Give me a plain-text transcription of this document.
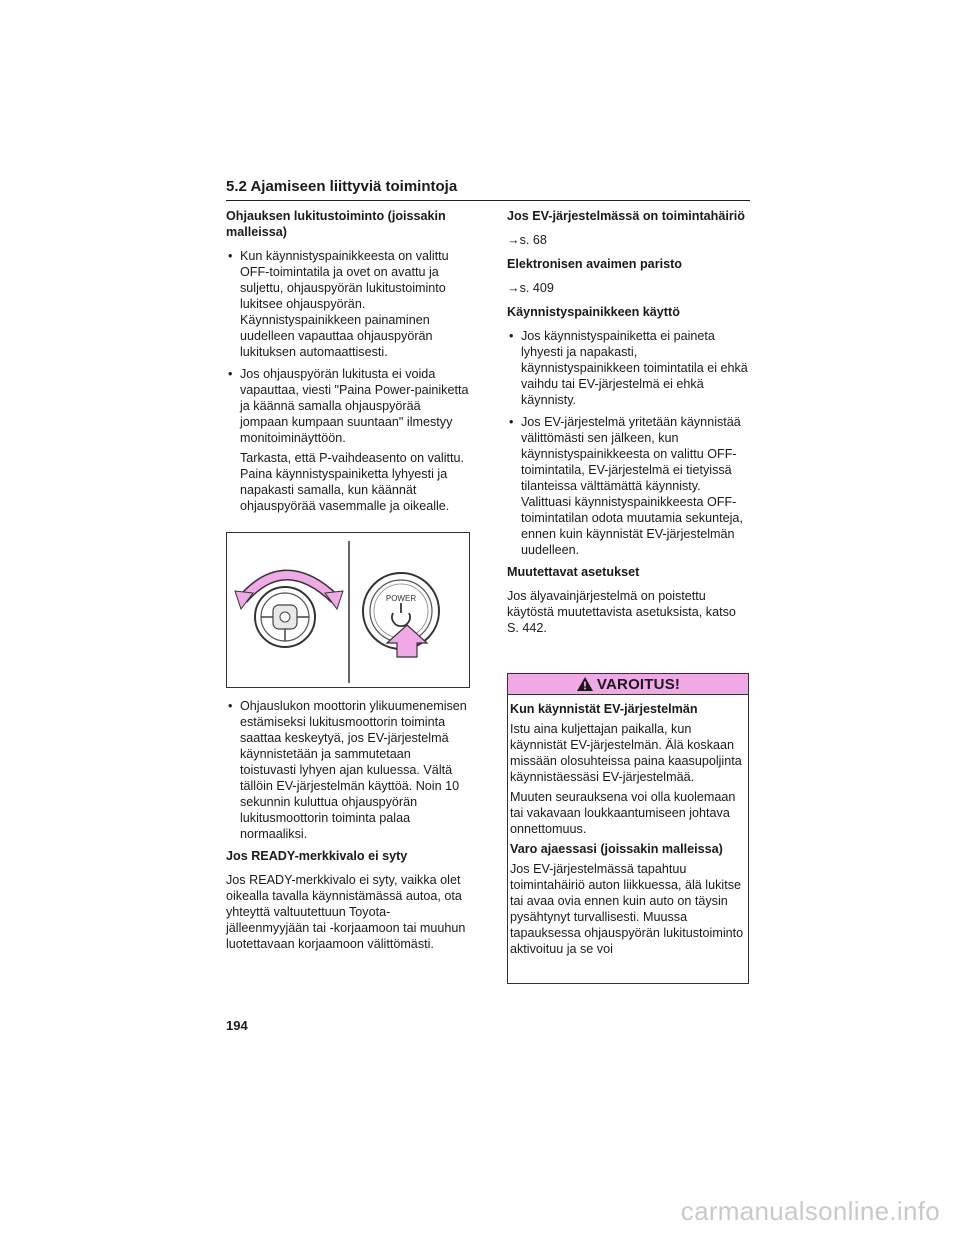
5.2 Ajamiseen liittyviä toimintoja
Ohjauksen lukitustoiminto (joissakin malleissa)
• Kun käynnistyspainikkeesta on valittu OFF-toimintatila ja ovet on avattu ja suljettu, ohjauspyörän lukitustoiminto lukitsee ohjauspyörän. Käynnistyspainikkeen painaminen uudelleen vapauttaa ohjauspyörän lukituksen automaattisesti.
• Jos ohjauspyörän lukitusta ei voida vapauttaa, viesti "Paina Power-painiketta ja käännä samalla ohjauspyörää jompaan kumpaan suuntaan" ilmestyy monitoiminäyttöön.
Tarkasta, että P-vaihdeasento on valittu. Paina käynnistyspainiketta lyhyesti ja napakasti samalla, kun käännät ohjauspyörää vasemmalle ja oikealle.
POWER
• Ohjauslukon moottorin ylikuumenemisen estämiseksi lukitusmoottorin toiminta saattaa keskeytyä, jos EV-järjestelmä käynnistetään ja sammutetaan toistuvasti lyhyen ajan kuluessa. Vältä tällöin EV-järjestelmän käyttöä. Noin 10 sekunnin kuluttua ohjauspyörän lukitusmoottorin toiminta palaa normaaliksi.
Jos READY-merkkivalo ei syty
Jos READY-merkkivalo ei syty, vaikka olet oikealla tavalla käynnistämässä autoa, ota yhteyttä valtuutettuun Toyota-jälleenmyyjään tai -korjaamoon tai muuhun luotettavaan korjaamoon välittömästi.
Jos EV-järjestelmässä on toimintahäiriö
→s. 68
Elektronisen avaimen paristo
→s. 409
Käynnistyspainikkeen käyttö
• Jos käynnistyspainiketta ei paineta lyhyesti ja napakasti, käynnistyspainikkeen toimintatila ei ehkä vaihdu tai EV-järjestelmä ei ehkä käynnisty.
• Jos EV-järjestelmä yritetään käynnistää välittömästi sen jälkeen, kun käynnistyspainikkeesta on valittu OFF-toimintatila, EV-järjestelmä ei tietyissä tilanteissa välttämättä käynnisty. Valittuasi käynnistyspainikkeesta OFF-toimintatilan odota muutamia sekunteja, ennen kuin käynnistät EV-järjestelmän uudelleen.
Muutettavat asetukset
Jos älyavainjärjestelmä on poistettu käytöstä muutettavista asetuksista, katso S. 442.
VAROITUS!
Kun käynnistät EV-järjestelmän
Istu aina kuljettajan paikalla, kun käynnistät EV-järjestelmän. Älä koskaan missään olosuhteissa paina kaasupoljinta käynnistäessäsi EV-järjestelmää.
Muuten seurauksena voi olla kuolemaan tai vakavaan loukkaantumiseen johtava onnettomuus.
Varo ajaessasi (joissakin malleissa)
Jos EV-järjestelmässä tapahtuu toimintahäiriö auton liikkuessa, älä lukitse tai avaa ovia ennen kuin auto on täysin pysähtynyt turvallisesti. Muussa tapauksessa ohjauspyörän lukitustoiminto aktivoituu ja se voi
194
carmanualsonline.info
